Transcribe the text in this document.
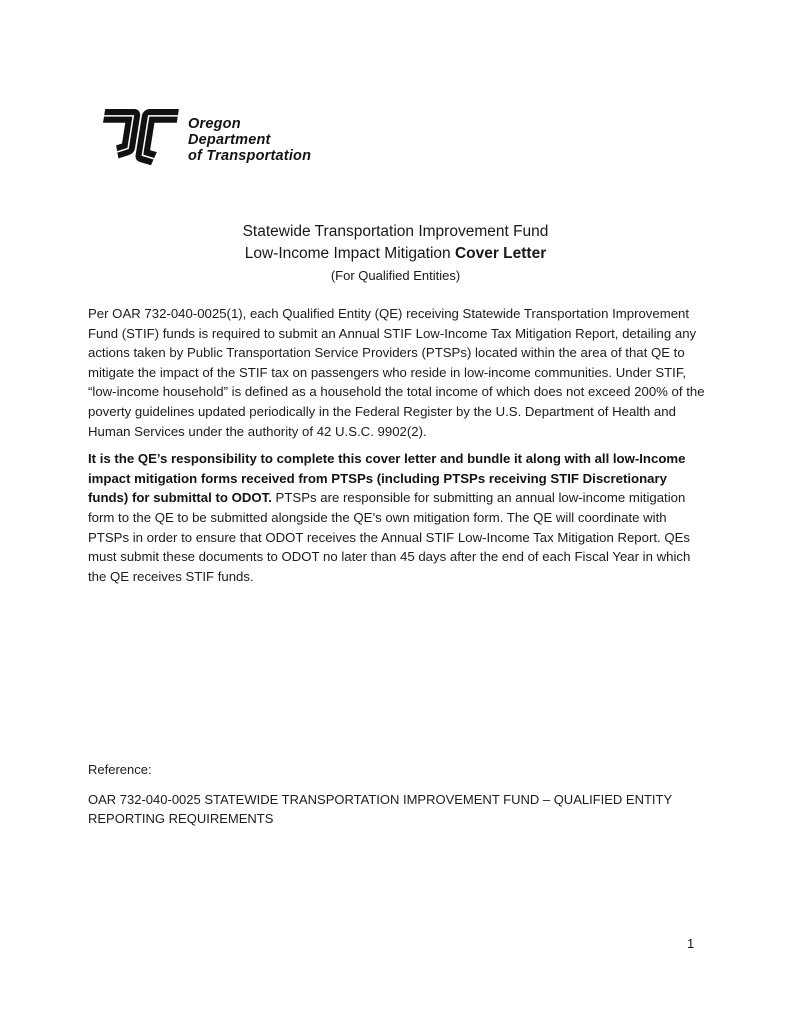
Oregon
Department
of Transportation
Statewide Transportation Improvement Fund
Low-Income Impact Mitigation Cover Letter
(For Qualified Entities)

Per OAR 732-040-0025(1), each Qualified Entity (QE) receiving Statewide Transportation Improvement Fund (STIF) funds is required to submit an Annual STIF Low-Income Tax Mitigation Report, detailing any actions taken by Public Transportation Service Providers (PTSPs) located within the area of that QE to mitigate the impact of the STIF tax on passengers who reside in low-income communities. Under STIF, “low-income household” is defined as a household the total income of which does not exceed 200% of the poverty guidelines updated periodically in the Federal Register by the U.S. Department of Health and Human Services under the authority of 42 U.S.C. 9902(2).

It is the QE’s responsibility to complete this cover letter and bundle it along with all low-Income impact mitigation forms received from PTSPs (including PTSPs receiving STIF Discretionary funds) for submittal to ODOT. PTSPs are responsible for submitting an annual low-income mitigation form to the QE to be submitted alongside the QE’s own mitigation form. The QE will coordinate with PTSPs in order to ensure that ODOT receives the Annual STIF Low-Income Tax Mitigation Report. QEs must submit these documents to ODOT no later than 45 days after the end of each Fiscal Year in which the QE receives STIF funds.

Reference:

OAR 732-040-0025 STATEWIDE TRANSPORTATION IMPROVEMENT FUND – QUALIFIED ENTITY REPORTING REQUIREMENTS

1
